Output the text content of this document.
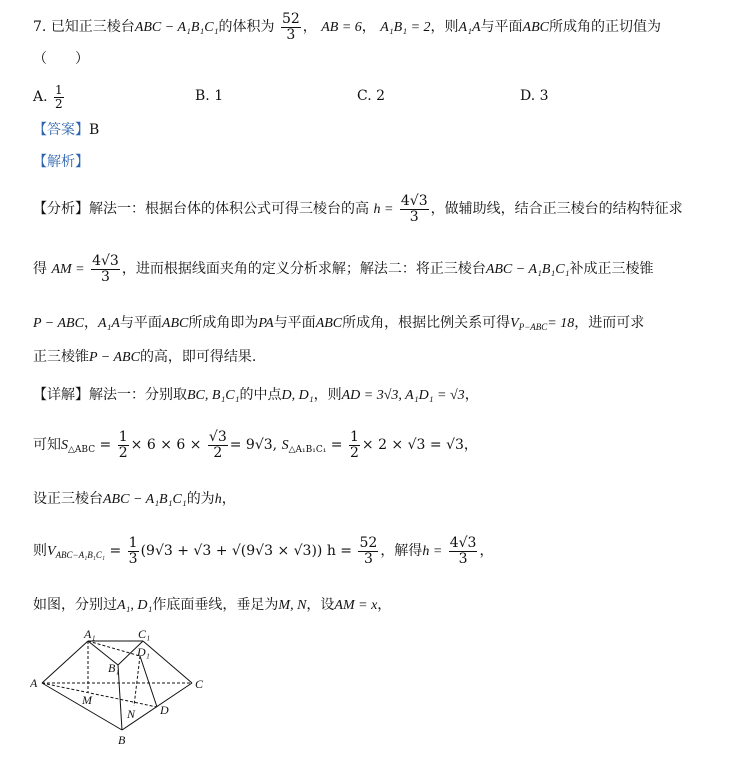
7. 已知正三棱台ABC − A₁B₁C₁的体积为 $\frac{52}{3}$ ， AB = 6， A₁B₁ = 2，则A₁A与平面ABC所成角的正切值为
（　　）
A. $\frac{1}{2}$	B. 1	C. 2	D. 3
【答案】B
【解析】
【分析】解法一：根据台体的体积公式可得三棱台的高 $h = \frac{4√3}{3}$ ，做辅助线，结合正三棱台的结构特征求
得 AM = $\frac{4√3}{3}$ ，进而根据线面夹角的定义分析求解；解法二：将正三棱台ABC − A₁B₁C₁补成正三棱锥
P − ABC，A₁A与平面ABC所成角即为PA与平面ABC所成角，根据比例关系可得$V_{P-ABC}= 18$，进而可求
正三棱锥P − ABC的高，即可得结果.
【详解】解法一：分别取BC, B₁C₁的中点D, D₁，则AD = 3√3, A₁D₁ = √3，
可知$S_{\triangle ABC} = \frac{1}{2} \times 6 \times 6 \times \frac{√3}{2} = 9√3$, $S_{\triangle A_1B_1C_1} = \frac{1}{2} \times 2 \times √3 = √3$，
设正三棱台ABC − A₁B₁C₁的为h，
则$V_{ABC-A_1B_1C_1} = \frac{1}{3} (9√3 + √3 + √(9√3 \times √3)) h = \frac{52}{3}$ ，解得$h = \frac{4√3}{3}$ ，
如图，分别过A₁, D₁作底面垂线，垂足为M, N，设AM = x，
A	C
B
D
M
N
A₁	C₁
B₁
D₁
